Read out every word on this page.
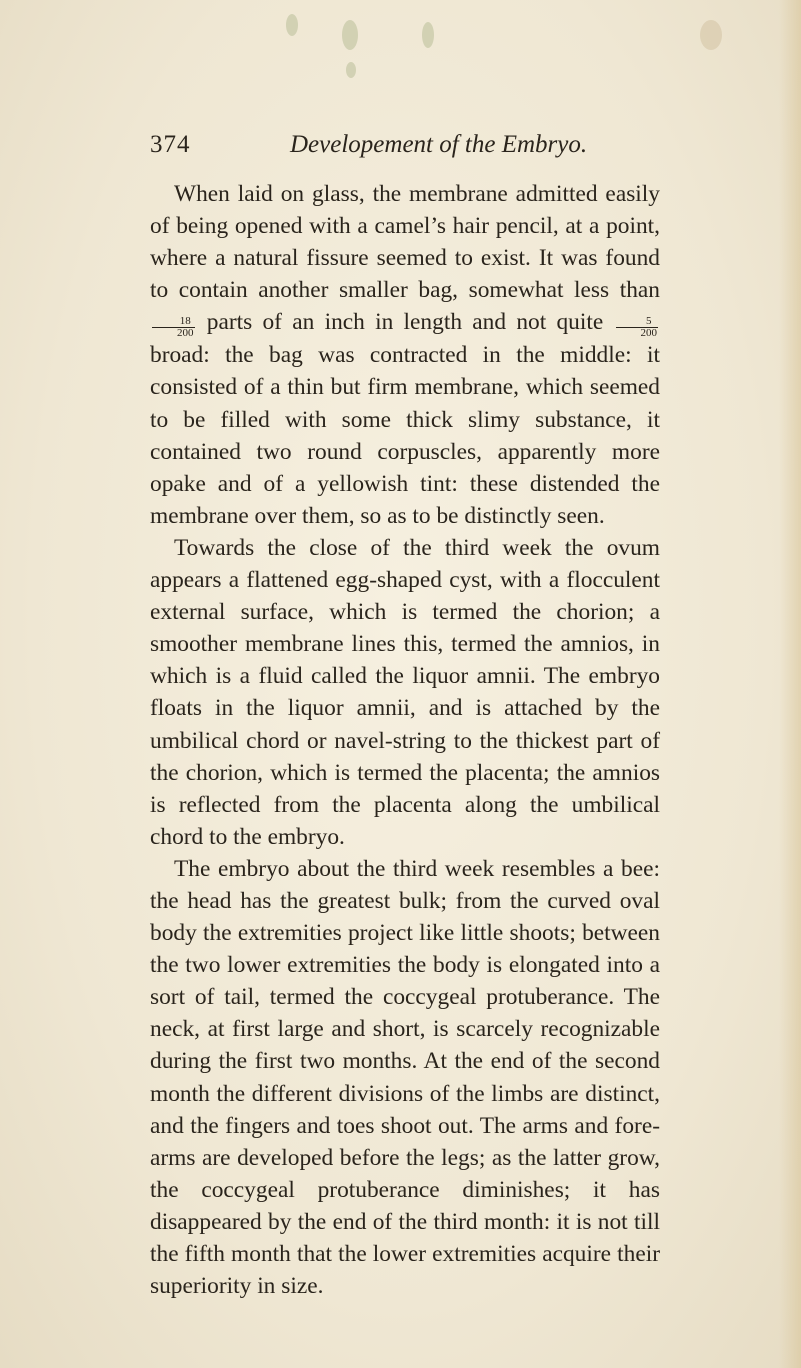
374	Developement of the Embryo.

When laid on glass, the membrane admitted easily of being opened with a camel’s hair pencil, at a point, where a natural fissure seemed to exist. It was found to contain another smaller bag, somewhat less than
$\frac{18}{200}$ parts of an inch in length and not quite $\frac{5}{200}$
broad: the bag was contracted in the middle: it consisted of a thin but firm membrane, which seemed to be filled with some thick slimy substance, it contained two round corpuscles, apparently more opake and of a yellowish tint: these distended the membrane over them, so as to be distinctly seen.

Towards the close of the third week the ovum appears a flattened egg-shaped cyst, with a flocculent external surface, which is termed the chorion; a smoother membrane lines this, termed the amnios, in which is a fluid called the liquor amnii. The embryo floats in the liquor amnii, and is attached by the umbilical chord or navel-string to the thickest part of the chorion, which is termed the placenta; the amnios is reflected from the placenta along the umbilical chord to the embryo.

The embryo about the third week resembles a bee: the head has the greatest bulk; from the curved oval body the extremities project like little shoots; between the two lower extremities the body is elongated into a sort of tail, termed the coccygeal protuberance. The neck, at first large and short, is scarcely recognizable during the first two months. At the end of the second month the different divisions of the limbs are distinct, and the fingers and toes shoot out. The arms and fore-arms are developed before the legs; as the latter grow, the coccygeal protuberance diminishes; it has disappeared by the end of the third month: it is not till the fifth month that the lower extremities acquire their superiority in size.
